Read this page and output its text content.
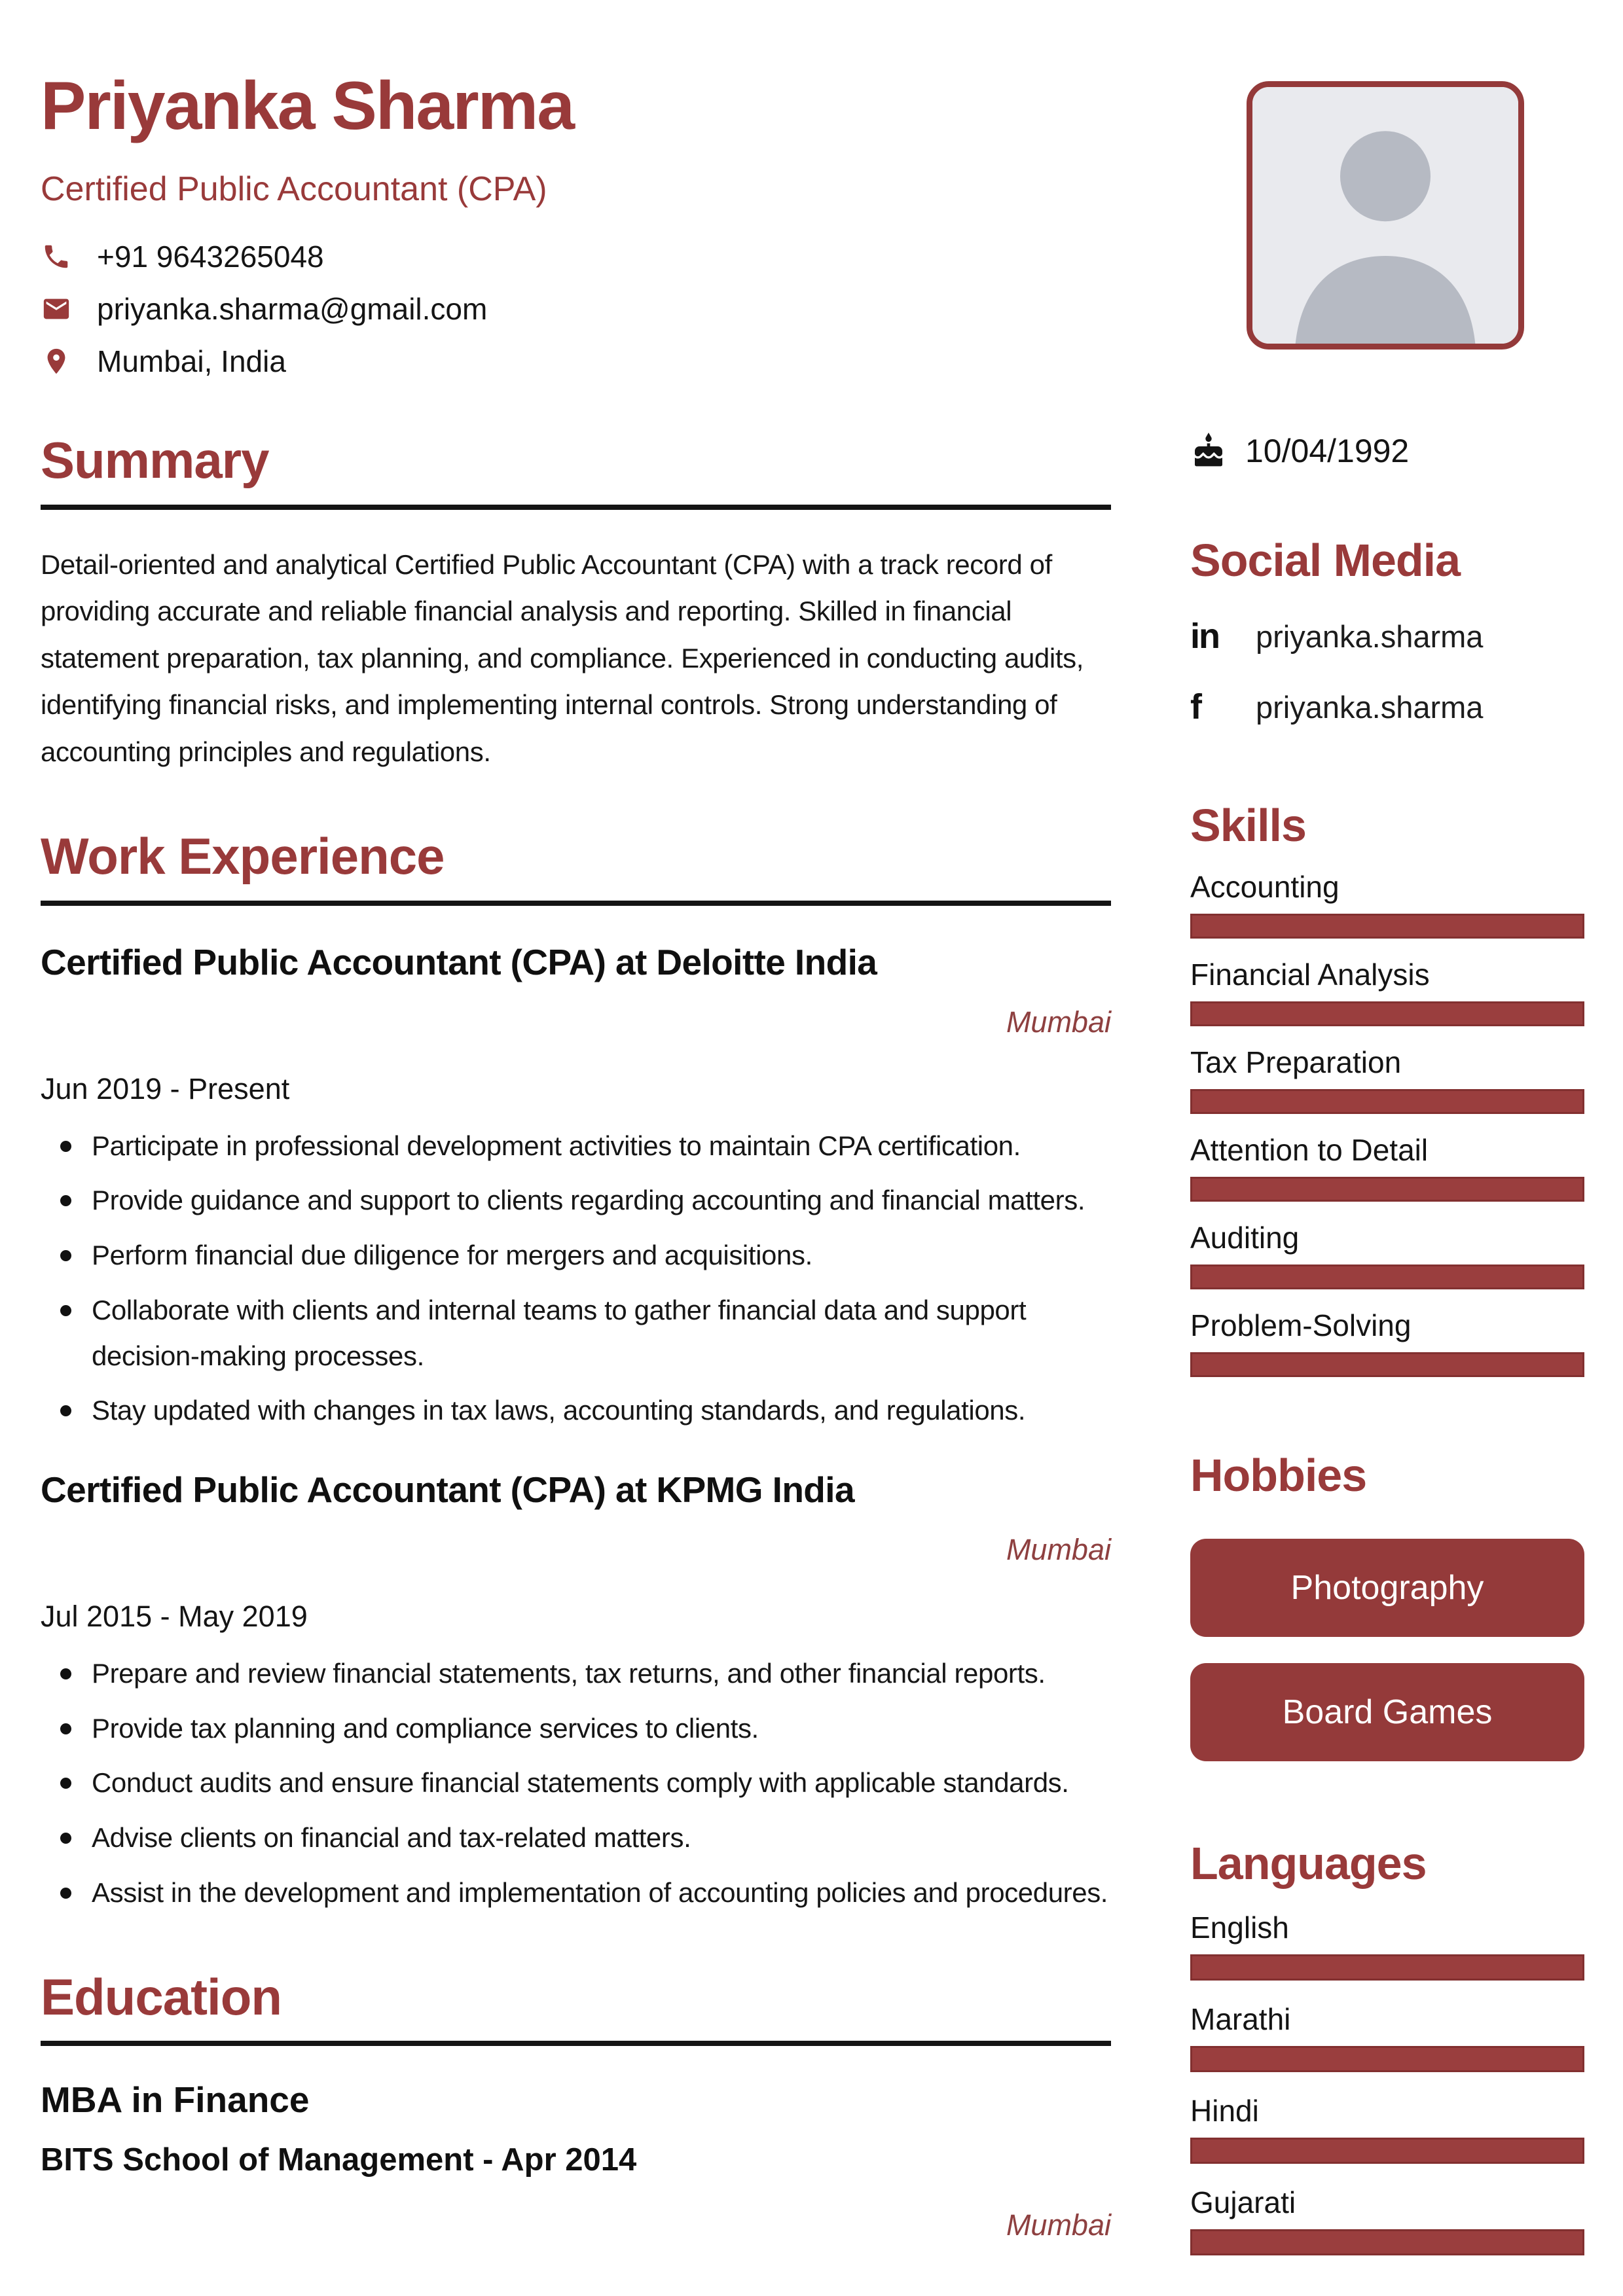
Priyanka Sharma
Certified Public Accountant (CPA)
+91 9643265048
priyanka.sharma@gmail.com
Mumbai, India
Summary
Detail-oriented and analytical Certified Public Accountant (CPA) with a track record of providing accurate and reliable financial analysis and reporting. Skilled in financial statement preparation, tax planning, and compliance. Experienced in conducting audits, identifying financial risks, and implementing internal controls. Strong understanding of accounting principles and regulations.
Work Experience
Certified Public Accountant (CPA) at Deloitte India
Mumbai
Jun 2019 - Present
Participate in professional development activities to maintain CPA certification.
Provide guidance and support to clients regarding accounting and financial matters.
Perform financial due diligence for mergers and acquisitions.
Collaborate with clients and internal teams to gather financial data and support decision-making processes.
Stay updated with changes in tax laws, accounting standards, and regulations.
Certified Public Accountant (CPA) at KPMG India
Mumbai
Jul 2015 - May 2019
Prepare and review financial statements, tax returns, and other financial reports.
Provide tax planning and compliance services to clients.
Conduct audits and ensure financial statements comply with applicable standards.
Advise clients on financial and tax-related matters.
Assist in the development and implementation of accounting policies and procedures.
Education
MBA in Finance
BITS School of Management - Apr 2014
Mumbai
10/04/1992
Social Media
in	priyanka.sharma
f	priyanka.sharma
Skills
Accounting
Financial Analysis
Tax Preparation
Attention to Detail
Auditing
Problem-Solving
Hobbies
Photography
Board Games
Languages
English
Marathi
Hindi
Gujarati
